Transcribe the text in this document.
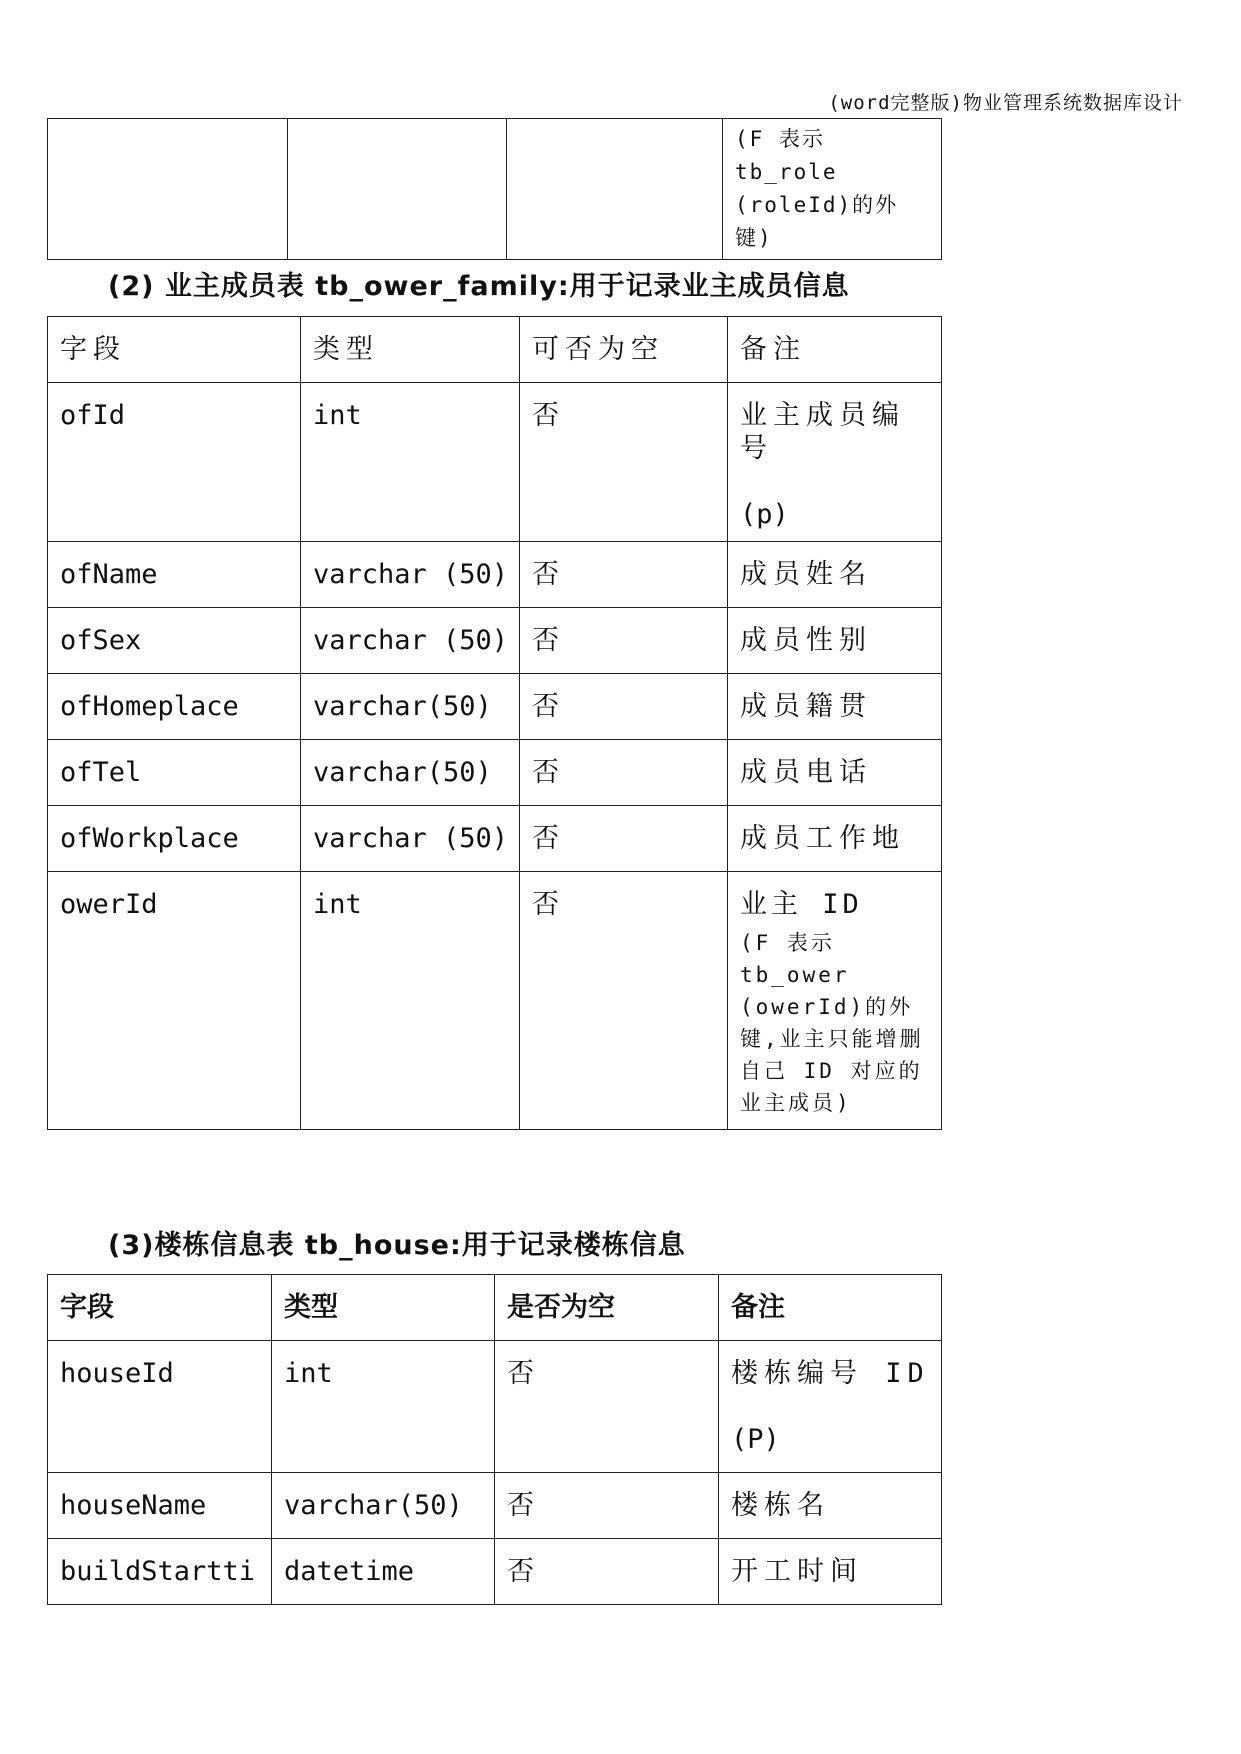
(word完整版)物业管理系统数据库设计
			(F 表示 tb_role (roleId)的外键)
(2) 业主成员表 tb_ower_family:用于记录业主成员信息
字段	类型	可否为空	备注
ofId	int	否	业主成员编号
(p)

ofName	varchar (50)	否	成员姓名
ofSex	varchar (50)	否	成员性别
ofHomeplace	varchar(50)	否	成员籍贯
ofTel	varchar(50)	否	成员电话
ofWorkplace	varchar (50)	否	成员工作地
owerId	int	否	业主 ID
(F 表示 tb_ower (owerId)的外键,业主只能增删自己 ID 对应的业主成员)
(3)楼栋信息表 tb_house:用于记录楼栋信息
字段	类型	是否为空	备注
houseId	int	否	楼栋编号 ID
(P)

houseName	varchar(50)	否	楼栋名
buildStartti	datetime	否	开工时间
